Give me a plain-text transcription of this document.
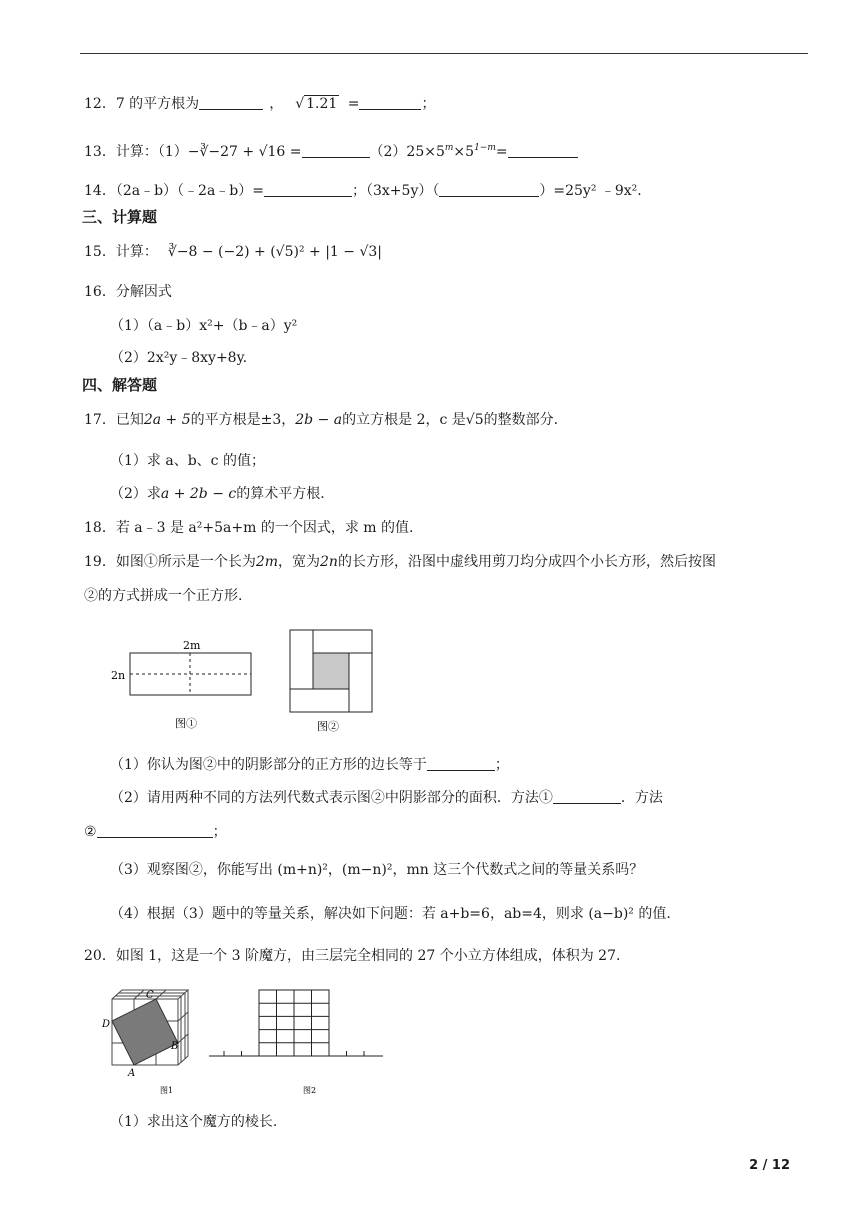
12．7 的平方根为	， √ 1.21 =	；
13．计算：（1）−∛−27 + √16 =	$(2)25\times 5^m\times 5^{1-m}=$
14．（2a﹣b）（﹣2a﹣b）=	；（3x+5y）（	）=25y² ﹣9x².
三、计算题
15．计算： ∛−8 − (−2) + (√5)² + |1 − √3|
16．分解因式
（1）（a﹣b）x²+（b﹣a）y²
（2）2x²y﹣8xy+8y.
四、解答题
17．已知2a + 5的平方根是±3，2b − a的立方根是 2，c 是√5的整数部分.
（1）求 a、b、c 的值；
（2）求a + 2b − c的算术平方根.
18．若 a﹣3 是 a²+5a+m 的一个因式，求 m 的值.
19．如图①所示是一个长为2m，宽为2n的长方形，沿图中虚线用剪刀均分成四个小长方形，然后按图
②的方式拼成一个正方形.
2m
2n
图①	图②
（1）你认为图②中的阴影部分的正方形的边长等于	；
（2）请用两种不同的方法列代数式表示图②中阴影部分的面积．方法①	．方法
②	；
（3）观察图②，你能写出 (m+n)²，(m−n)²，mn 这三个代数式之间的等量关系吗？
（4）根据（3）题中的等量关系，解决如下问题：若 a+b=6，ab=4，则求 (a−b)² 的值.
20．如图 1，这是一个 3 阶魔方，由三层完全相同的 27 个小立方体组成，体积为 27.
C
D
B
A
图1	图2
（1）求出这个魔方的棱长.
2 / 12
